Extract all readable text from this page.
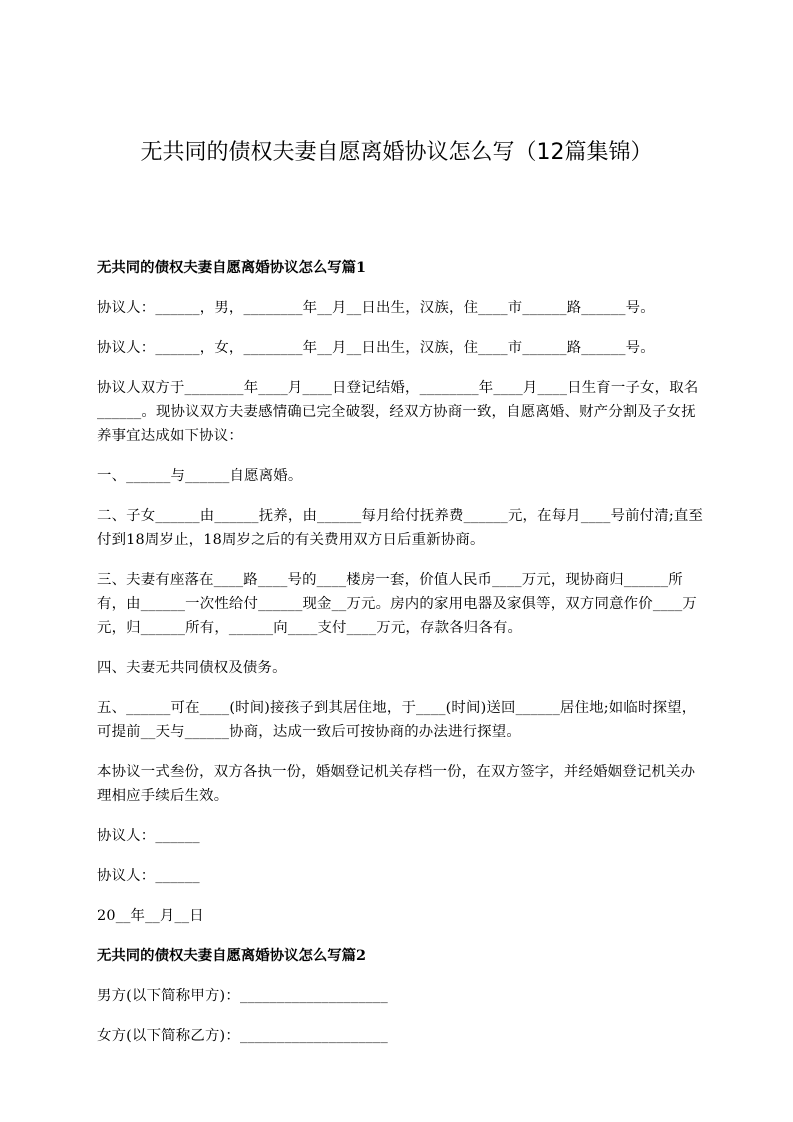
无共同的债权夫妻自愿离婚协议怎么写（12篇集锦）
无共同的债权夫妻自愿离婚协议怎么写篇1

协议人：______，男，________年__月__日出生，汉族，住____市______路______号。

协议人：______，女，________年__月__日出生，汉族，住____市______路______号。

协议人双方于________年____月____日登记结婚，________年____月____日生育一子女，取名______。现协议双方夫妻感情确已完全破裂，经双方协商一致，自愿离婚、财产分割及子女抚养事宜达成如下协议：

一、______与______自愿离婚。

二、子女______由______抚养，由______每月给付抚养费______元，在每月____号前付清;直至付到18周岁止，18周岁之后的有关费用双方日后重新协商。

三、夫妻有座落在____路____号的____楼房一套，价值人民币____万元，现协商归______所有，由______一次性给付______现金__万元。房内的家用电器及家俱等，双方同意作价____万元，归______所有，______向____支付____万元，存款各归各有。

四、夫妻无共同债权及债务。

五、______可在____(时间)接孩子到其居住地，于____(时间)送回______居住地;如临时探望，可提前__天与______协商，达成一致后可按协商的办法进行探望。

本协议一式叁份，双方各执一份，婚姻登记机关存档一份，在双方签字，并经婚姻登记机关办理相应手续后生效。

协议人：______

协议人：______

20__年__月__日

无共同的债权夫妻自愿离婚协议怎么写篇2

男方(以下简称甲方)：____________________

女方(以下简称乙方)：____________________
